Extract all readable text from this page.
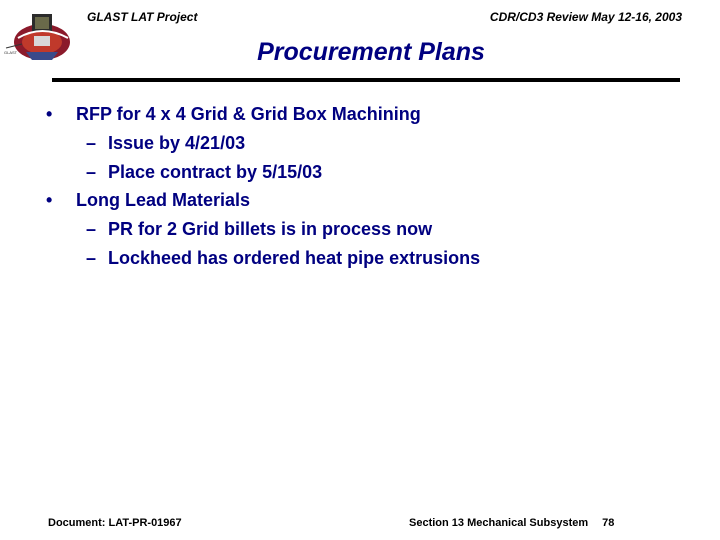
GLAST
GLAST LAT Project	CDR/CD3 Review May 12-16, 2003
Procurement Plans
• RFP for 4 x 4 Grid & Grid Box Machining
– Issue by 4/21/03
– Place contract by 5/15/03
• Long Lead Materials
– PR for 2 Grid billets is in process now
– Lockheed has ordered heat pipe extrusions
Document: LAT-PR-01967	Section 13 Mechanical Subsystem 78
